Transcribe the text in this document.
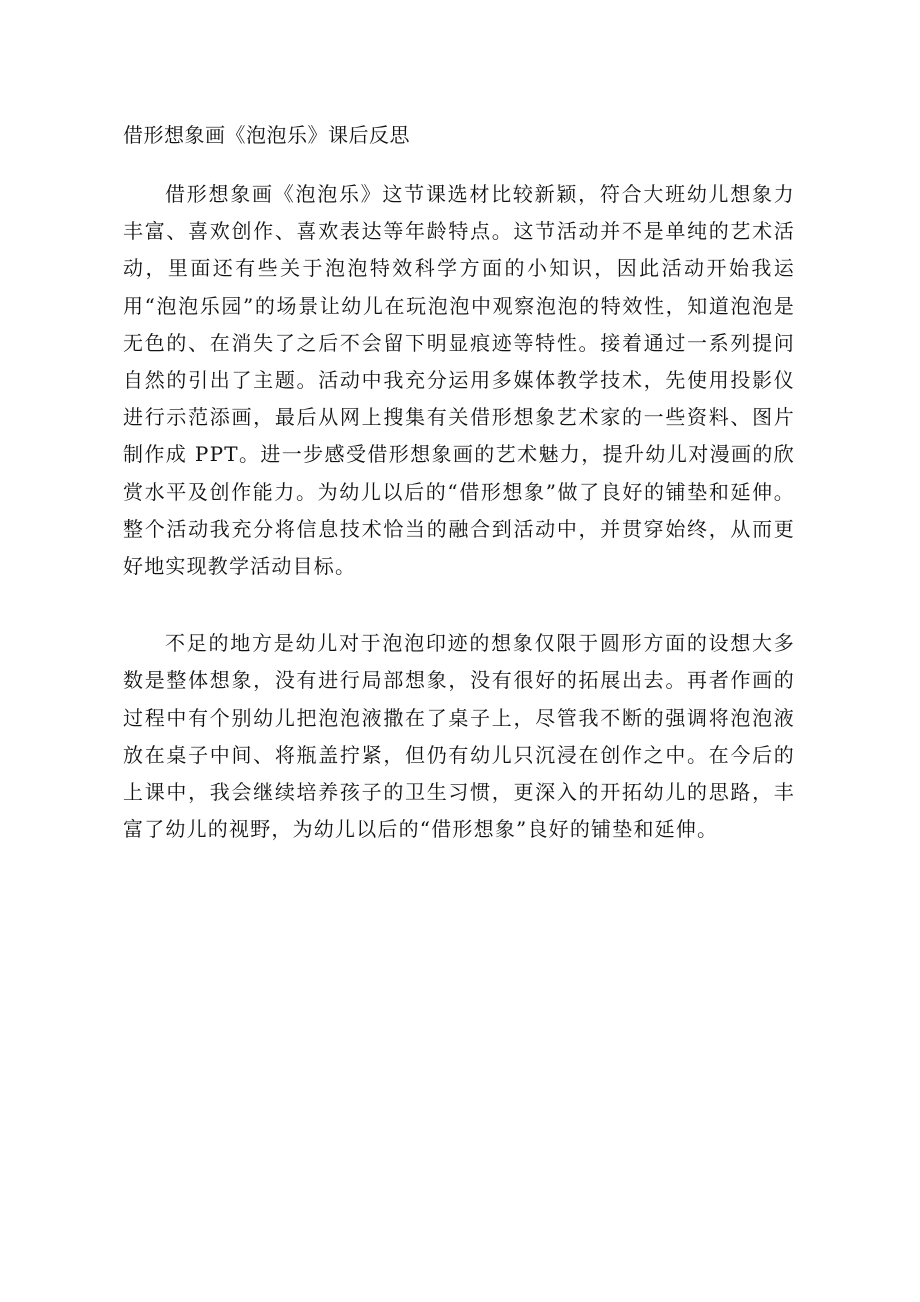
借形想象画《泡泡乐》课后反思

借形想象画《泡泡乐》这节课选材比较新颖，符合大班幼儿想象力丰富、喜欢创作、喜欢表达等年龄特点。这节活动并不是单纯的艺术活动，里面还有些关于泡泡特效科学方面的小知识，因此活动开始我运用“泡泡乐园”的场景让幼儿在玩泡泡中观察泡泡的特效性，知道泡泡是无色的、在消失了之后不会留下明显痕迹等特性。接着通过一系列提问自然的引出了主题。活动中我充分运用多媒体教学技术，先使用投影仪进行示范添画，最后从网上搜集有关借形想象艺术家的一些资料、图片制作成 PPT。进一步感受借形想象画的艺术魅力，提升幼儿对漫画的欣赏水平及创作能力。为幼儿以后的“借形想象”做了良好的铺垫和延伸。整个活动我充分将信息技术恰当的融合到活动中，并贯穿始终，从而更好地实现教学活动目标。

不足的地方是幼儿对于泡泡印迹的想象仅限于圆形方面的设想大多数是整体想象，没有进行局部想象，没有很好的拓展出去。再者作画的过程中有个别幼儿把泡泡液撒在了桌子上，尽管我不断的强调将泡泡液放在桌子中间、将瓶盖拧紧，但仍有幼儿只沉浸在创作之中。在今后的上课中，我会继续培养孩子的卫生习惯，更深入的开拓幼儿的思路，丰富了幼儿的视野，为幼儿以后的“借形想象”良好的铺垫和延伸。
